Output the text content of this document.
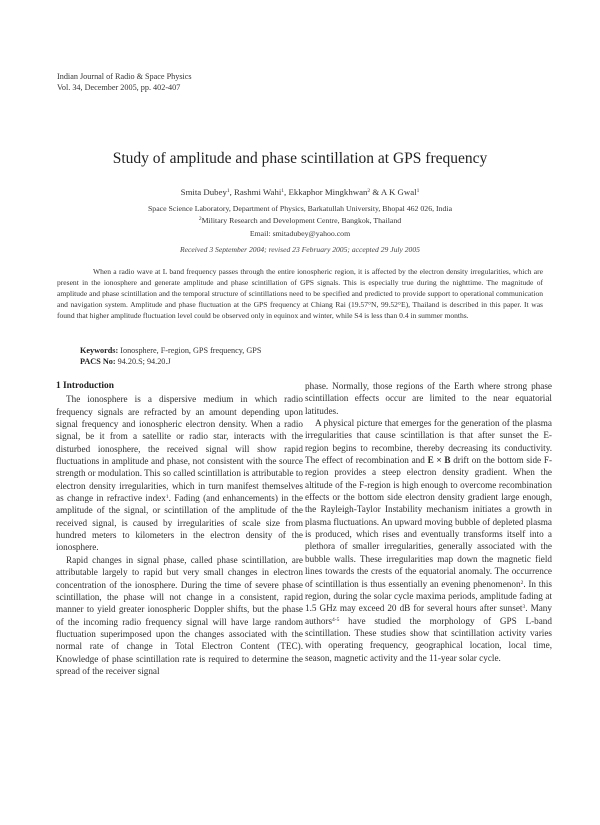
Indian Journal of Radio & Space Physics
Vol. 34, December 2005, pp. 402-407
Study of amplitude and phase scintillation at GPS frequency
Smita Dubey$^1$, Rashmi Wahi$^1$, Ekkaphor Mingkhwan$^2$ & A K Gwal$^1$
Space Science Laboratory, Department of Physics, Barkatullah University, Bhopal 462 026, India
$^2$Military Research and Development Centre, Bangkok, Thailand
Email: smitadubey@yahoo.com
Received 3 September 2004; revised 23 February 2005; accepted 29 July 2005
When a radio wave at L band frequency passes through the entire ionospheric region, it is affected by the electron density irregularities, which are present in the ionosphere and generate amplitude and phase scintillation of GPS signals. This is especially true during the nighttime. The magnitude of amplitude and phase scintillation and the temporal structure of scintillations need to be specified and predicted to provide support to operational communication and navigation system. Amplitude and phase fluctuation at the GPS frequency at Chiang Rai (19.57°N, 99.52°E), Thailand is described in this paper. It was found that higher amplitude fluctuation level could be observed only in equinox and winter, while S4 is less than 0.4 in summer months.
Keywords: Ionosphere, F-region, GPS frequency, GPS
PACS No: 94.20.S; 94.20.J
1 Introduction

The ionosphere is a dispersive medium in which radio frequency signals are refracted by an amount depending upon signal frequency and ionospheric electron density. When a radio signal, be it from a satellite or radio star, interacts with the disturbed ionosphere, the received signal will show rapid fluctuations in amplitude and phase, not consistent with the source strength or modulation. This so called scintillation is attributable to electron density irregularities, which in turn manifest themselves as change in refractive index$^1$. Fading (and enhancements) in the amplitude of the signal, or scintillation of the amplitude of the received signal, is caused by irregularities of scale size from hundred meters to kilometers in the electron density of the ionosphere.

Rapid changes in signal phase, called phase scintillation, are attributable largely to rapid but very small changes in electron concentration of the ionosphere. During the time of severe phase scintillation, the phase will not change in a consistent, rapid manner to yield greater ionospheric Doppler shifts, but the phase of the incoming radio frequency signal will have large random fluctuation superimposed upon the changes associated with the normal rate of change in Total Electron Content (TEC). Knowledge of phase scintillation rate is required to determine the spread of the receiver signal

phase. Normally, those regions of the Earth where strong phase scintillation effects occur are limited to the near equatorial latitudes.

A physical picture that emerges for the generation of the plasma irregularities that cause scintillation is that after sunset the E-region begins to recombine, thereby decreasing its conductivity. The effect of recombination and E × B drift on the bottom side F-region provides a steep electron density gradient. When the altitude of the F-region is high enough to overcome recombination effects or the bottom side electron density gradient large enough, the Rayleigh-Taylor Instability mechanism initiates a growth in plasma fluctuations. An upward moving bubble of depleted plasma is produced, which rises and eventually transforms itself into a plethora of smaller irregularities, generally associated with the bubble walls. These irregularities map down the magnetic field lines towards the crests of the equatorial anomaly. The occurrence of scintillation is thus essentially an evening phenomenon$^2$. In this region, during the solar cycle maxima periods, amplitude fading at 1.5 GHz may exceed 20 dB for several hours after sunset$^3$. Many authors$^{4-5}$ have studied the morphology of GPS L-band scintillation. These studies show that scintillation activity varies with operating frequency, geographical location, local time, season, magnetic activity and the 11-year solar cycle.
